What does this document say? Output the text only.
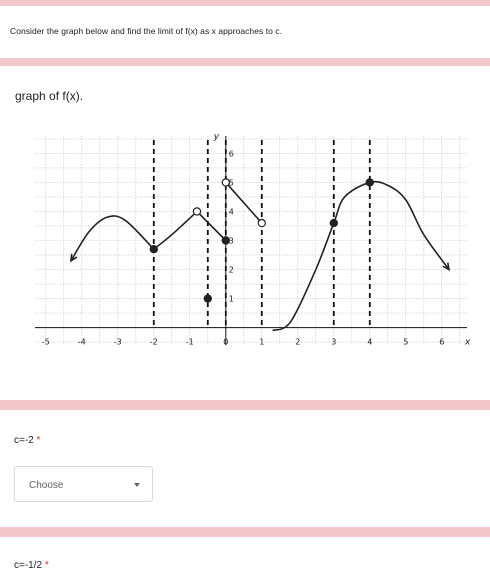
Consider the graph below and find the limit of f(x) as x approaches to c.
graph of f(x).
-5	-4	-3	-2	-1	0	1	2	3	4	5	6
1
2
3
4
5
6
x
y
c=-2 *
Choose
c=-1/2 *
